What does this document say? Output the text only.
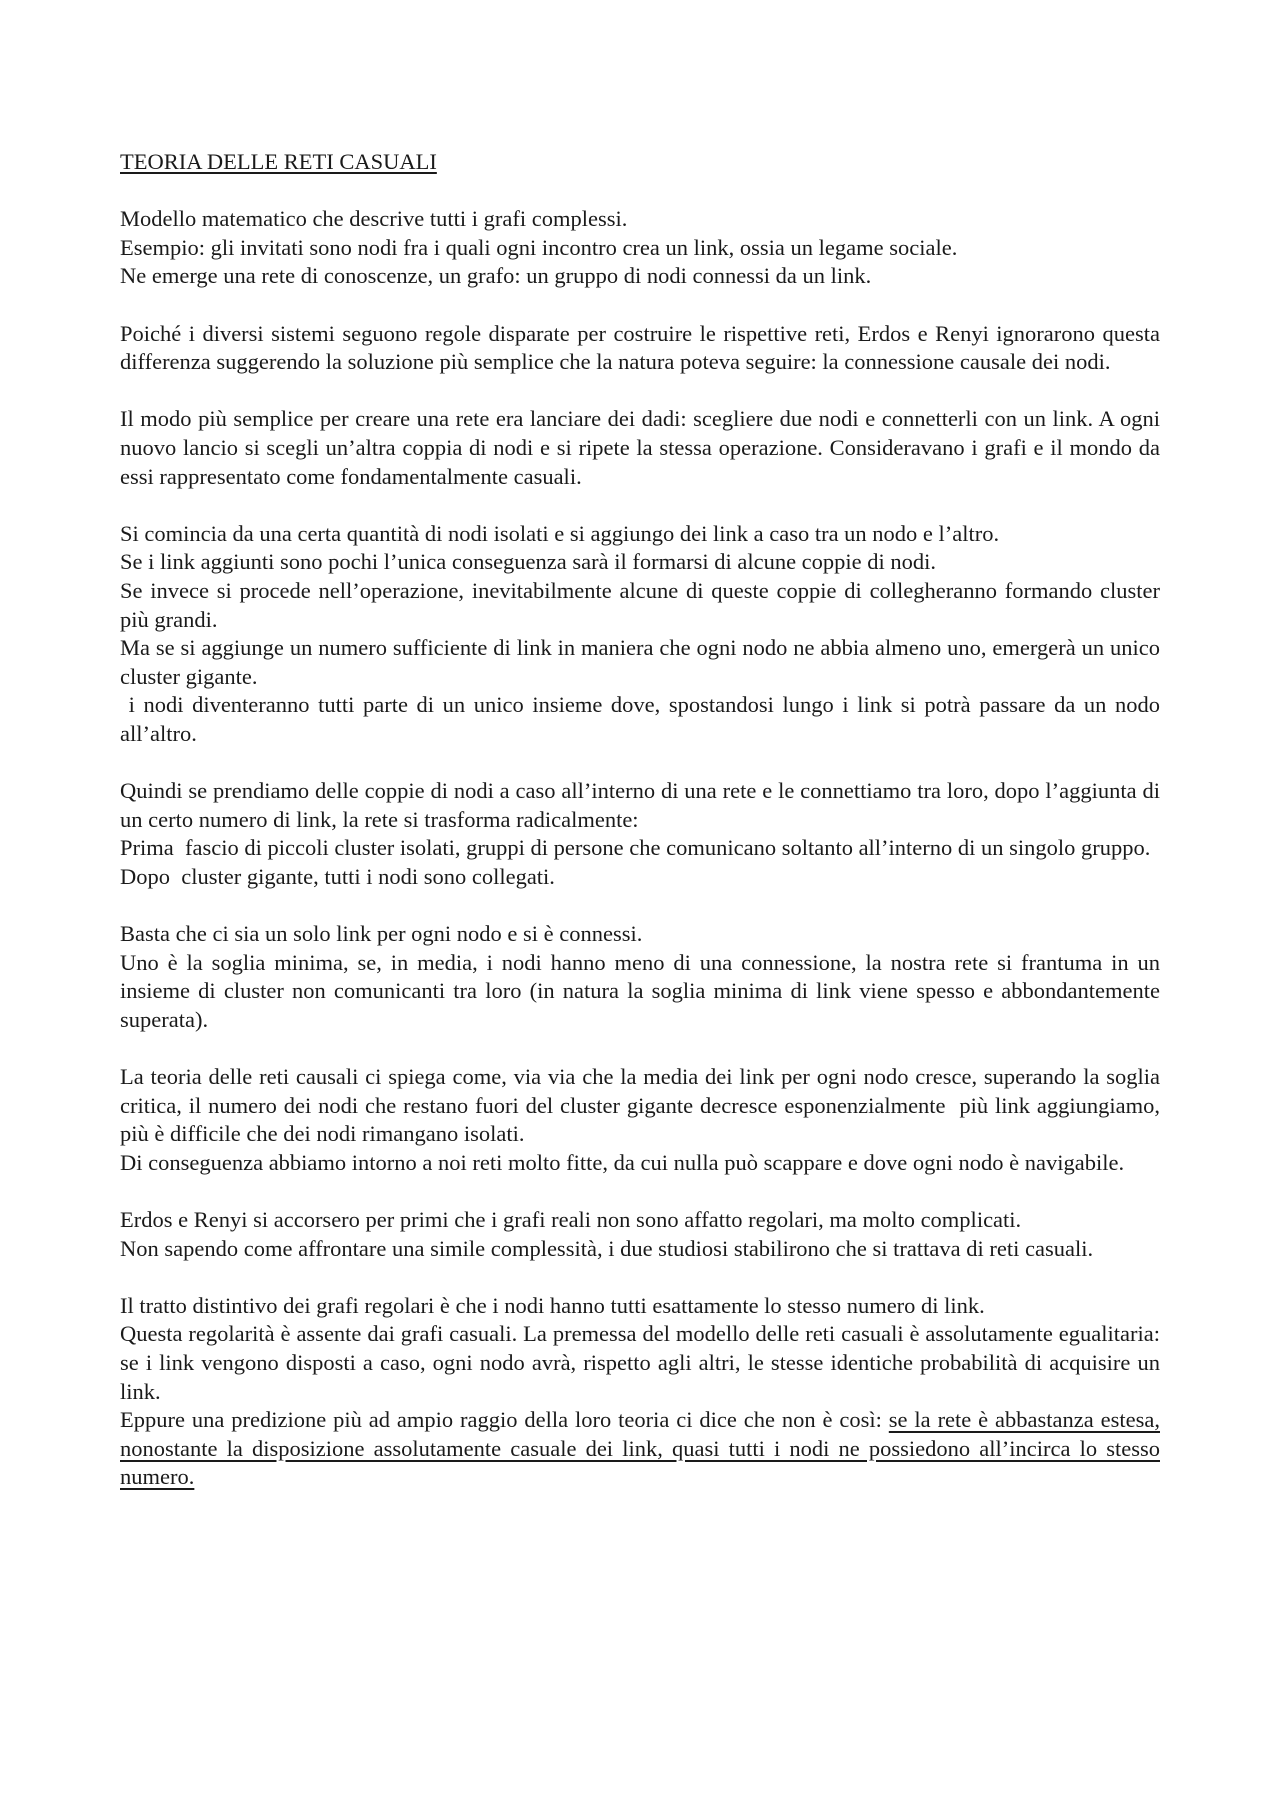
TEORIA DELLE RETI CASUALI
Modello matematico che descrive tutti i grafi complessi.
Esempio: gli invitati sono nodi fra i quali ogni incontro crea un link, ossia un legame sociale.
Ne emerge una rete di conoscenze, un grafo: un gruppo di nodi connessi da un link.
Poiché i diversi sistemi seguono regole disparate per costruire le rispettive reti, Erdos e Renyi ignorarono questa differenza suggerendo la soluzione più semplice che la natura poteva seguire: la connessione causale dei nodi.
Il modo più semplice per creare una rete era lanciare dei dadi: scegliere due nodi e connetterli con un link. A ogni nuovo lancio si scegli un’altra coppia di nodi e si ripete la stessa operazione. Consideravano i grafi e il mondo da essi rappresentato come fondamentalmente casuali.
Si comincia da una certa quantità di nodi isolati e si aggiungo dei link a caso tra un nodo e l’altro.
Se i link aggiunti sono pochi l’unica conseguenza sarà il formarsi di alcune coppie di nodi.
Se invece si procede nell’operazione, inevitabilmente alcune di queste coppie di collegheranno formando cluster più grandi.
Ma se si aggiunge un numero sufficiente di link in maniera che ogni nodo ne abbia almeno uno, emergerà un unico cluster gigante.
i nodi diventeranno tutti parte di un unico insieme dove, spostandosi lungo i link si potrà passare da un nodo all’altro.
Quindi se prendiamo delle coppie di nodi a caso all’interno di una rete e le connettiamo tra loro, dopo l’aggiunta di un certo numero di link, la rete si trasforma radicalmente:
Prima  fascio di piccoli cluster isolati, gruppi di persone che comunicano soltanto all’interno di un singolo gruppo.
Dopo  cluster gigante, tutti i nodi sono collegati.
Basta che ci sia un solo link per ogni nodo e si è connessi.
Uno è la soglia minima, se, in media, i nodi hanno meno di una connessione, la nostra rete si frantuma in un insieme di cluster non comunicanti tra loro (in natura la soglia minima di link viene spesso e abbondantemente superata).
La teoria delle reti causali ci spiega come, via via che la media dei link per ogni nodo cresce, superando la soglia critica, il numero dei nodi che restano fuori del cluster gigante decresce esponenzialmente  più link aggiungiamo, più è difficile che dei nodi rimangano isolati.
Di conseguenza abbiamo intorno a noi reti molto fitte, da cui nulla può scappare e dove ogni nodo è navigabile.
Erdos e Renyi si accorsero per primi che i grafi reali non sono affatto regolari, ma molto complicati.
Non sapendo come affrontare una simile complessità, i due studiosi stabilirono che si trattava di reti casuali.
Il tratto distintivo dei grafi regolari è che i nodi hanno tutti esattamente lo stesso numero di link.
Questa regolarità è assente dai grafi casuali. La premessa del modello delle reti casuali è assolutamente egualitaria: se i link vengono disposti a caso, ogni nodo avrà, rispetto agli altri, le stesse identiche probabilità di acquisire un link.
Eppure una predizione più ad ampio raggio della loro teoria ci dice che non è così: se la rete è abbastanza estesa, nonostante la disposizione assolutamente casuale dei link, quasi tutti i nodi ne possiedono all’incirca lo stesso numero.
